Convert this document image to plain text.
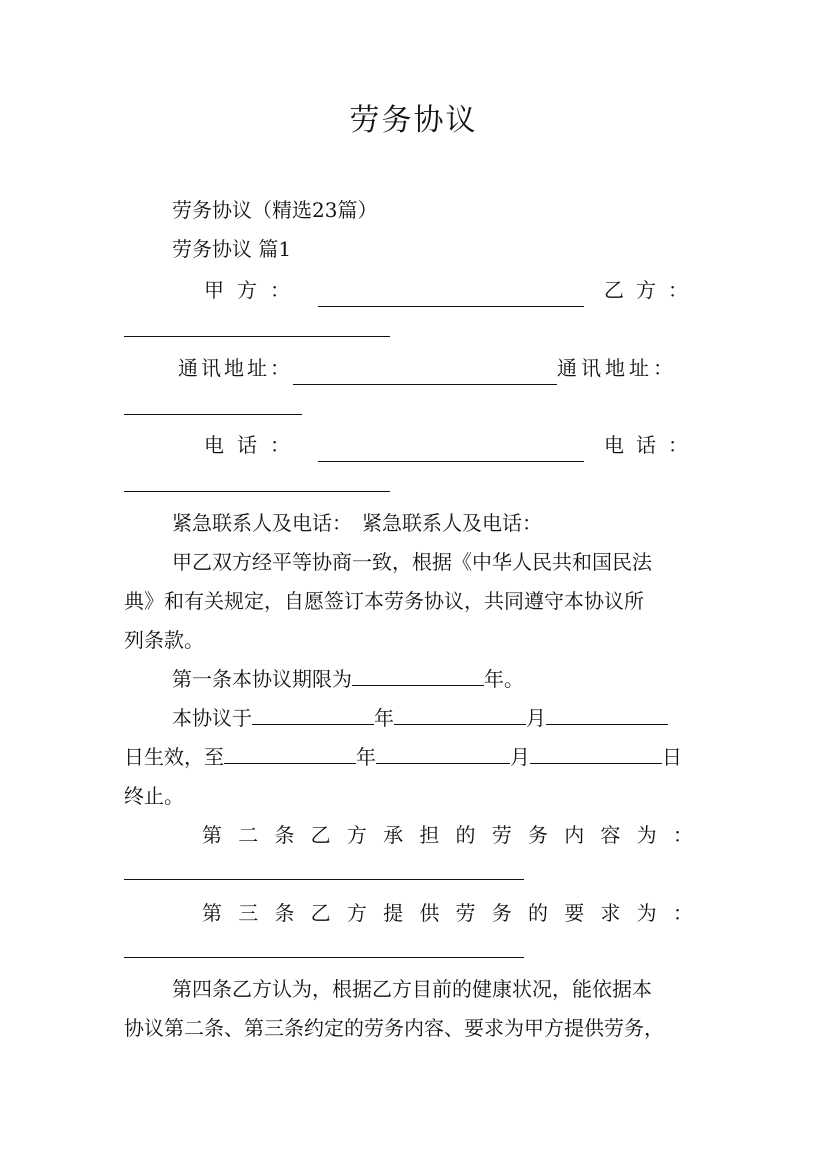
劳务协议
劳务协议（精选23篇）
劳务协议 篇1
甲 方 ：	乙 方 ：
通讯地址：	通 讯 地 址 ：
电 话 ：	电 话 ：
紧急联系人及电话：　紧急联系人及电话：
甲乙双方经平等协商一致，根据《中华人民共和国民法
典》和有关规定，自愿签订本劳务协议，共同遵守本协议所
列条款。
第一条本协议期限为	年。
本协议于	年	月
日生效，至	年	月	日
终止。
第 二 条 乙 方 承 担 的 劳 务 内 容 为 ：
第 三 条 乙 方 提 供 劳 务 的 要 求 为 ：
第四条乙方认为，根据乙方目前的健康状况，能依据本
协议第二条、第三条约定的劳务内容、要求为甲方提供劳务，
